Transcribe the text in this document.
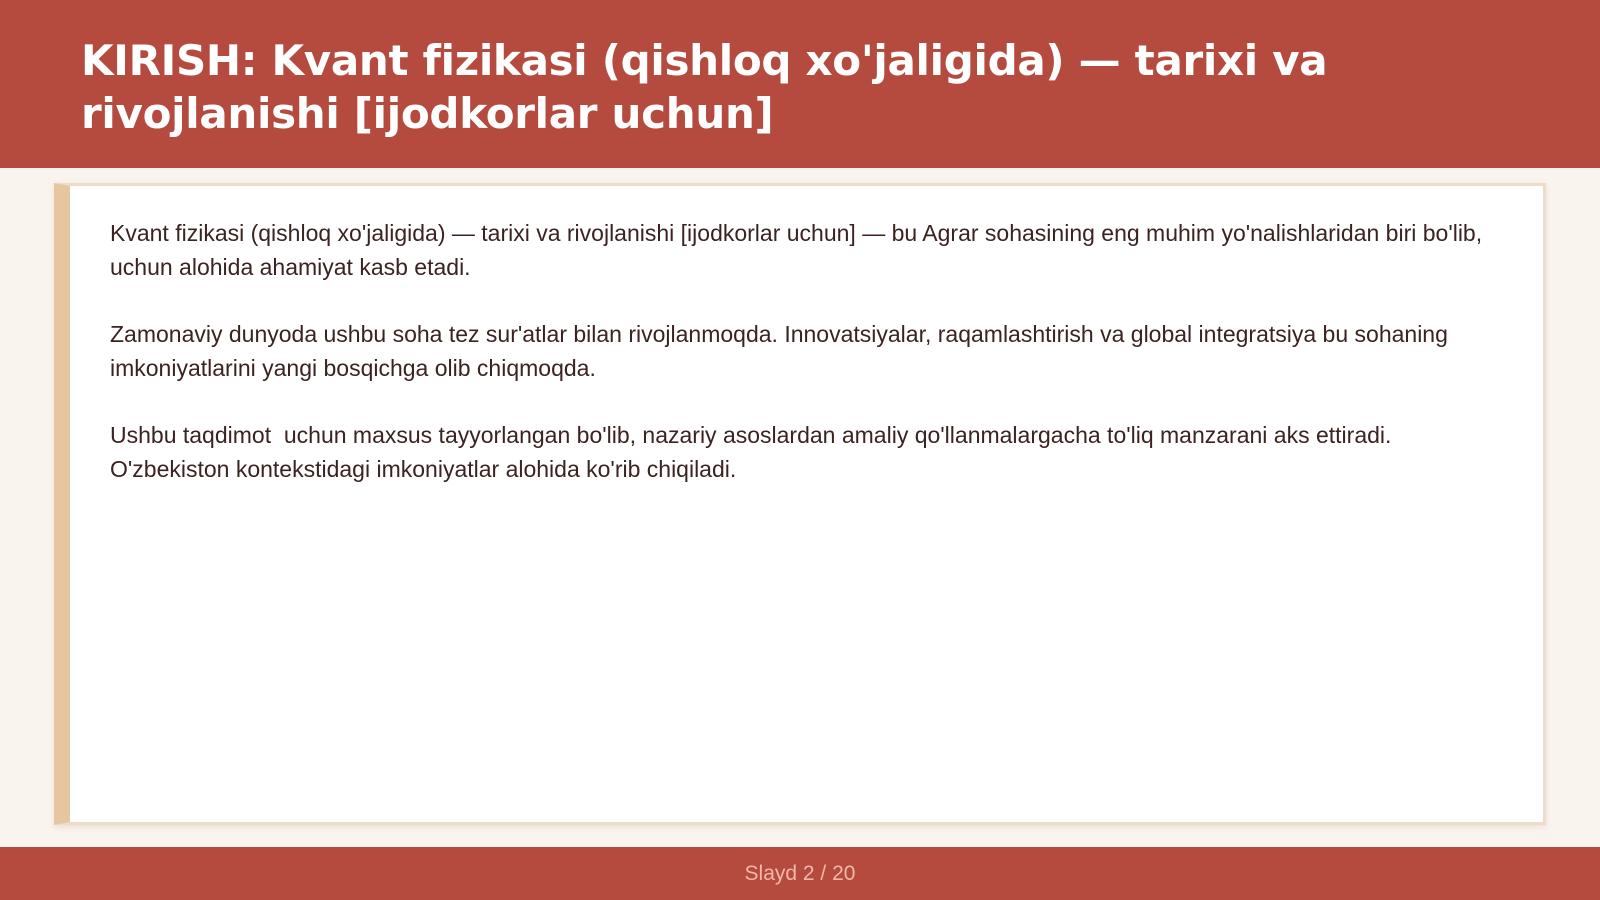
KIRISH: Kvant fizikasi (qishloq xo'jaligida) — tarixi va rivojlanishi [ijodkorlar uchun]

Kvant fizikasi (qishloq xo'jaligida) — tarixi va rivojlanishi [ijodkorlar uchun] — bu Agrar sohasining eng muhim yo'nalishlaridan biri bo'lib,  uchun alohida ahamiyat kasb etadi.

Zamonaviy dunyoda ushbu soha tez sur'atlar bilan rivojlanmoqda. Innovatsiyalar, raqamlashtirish va global integratsiya bu sohaning imkoniyatlarini yangi bosqichga olib chiqmoqda.

Ushbu taqdimot  uchun maxsus tayyorlangan bo'lib, nazariy asoslardan amaliy qo'llanmalargacha to'liq manzarani aks ettiradi. O'zbekiston kontekstidagi imkoniyatlar alohida ko'rib chiqiladi.

Slayd 2 / 20
